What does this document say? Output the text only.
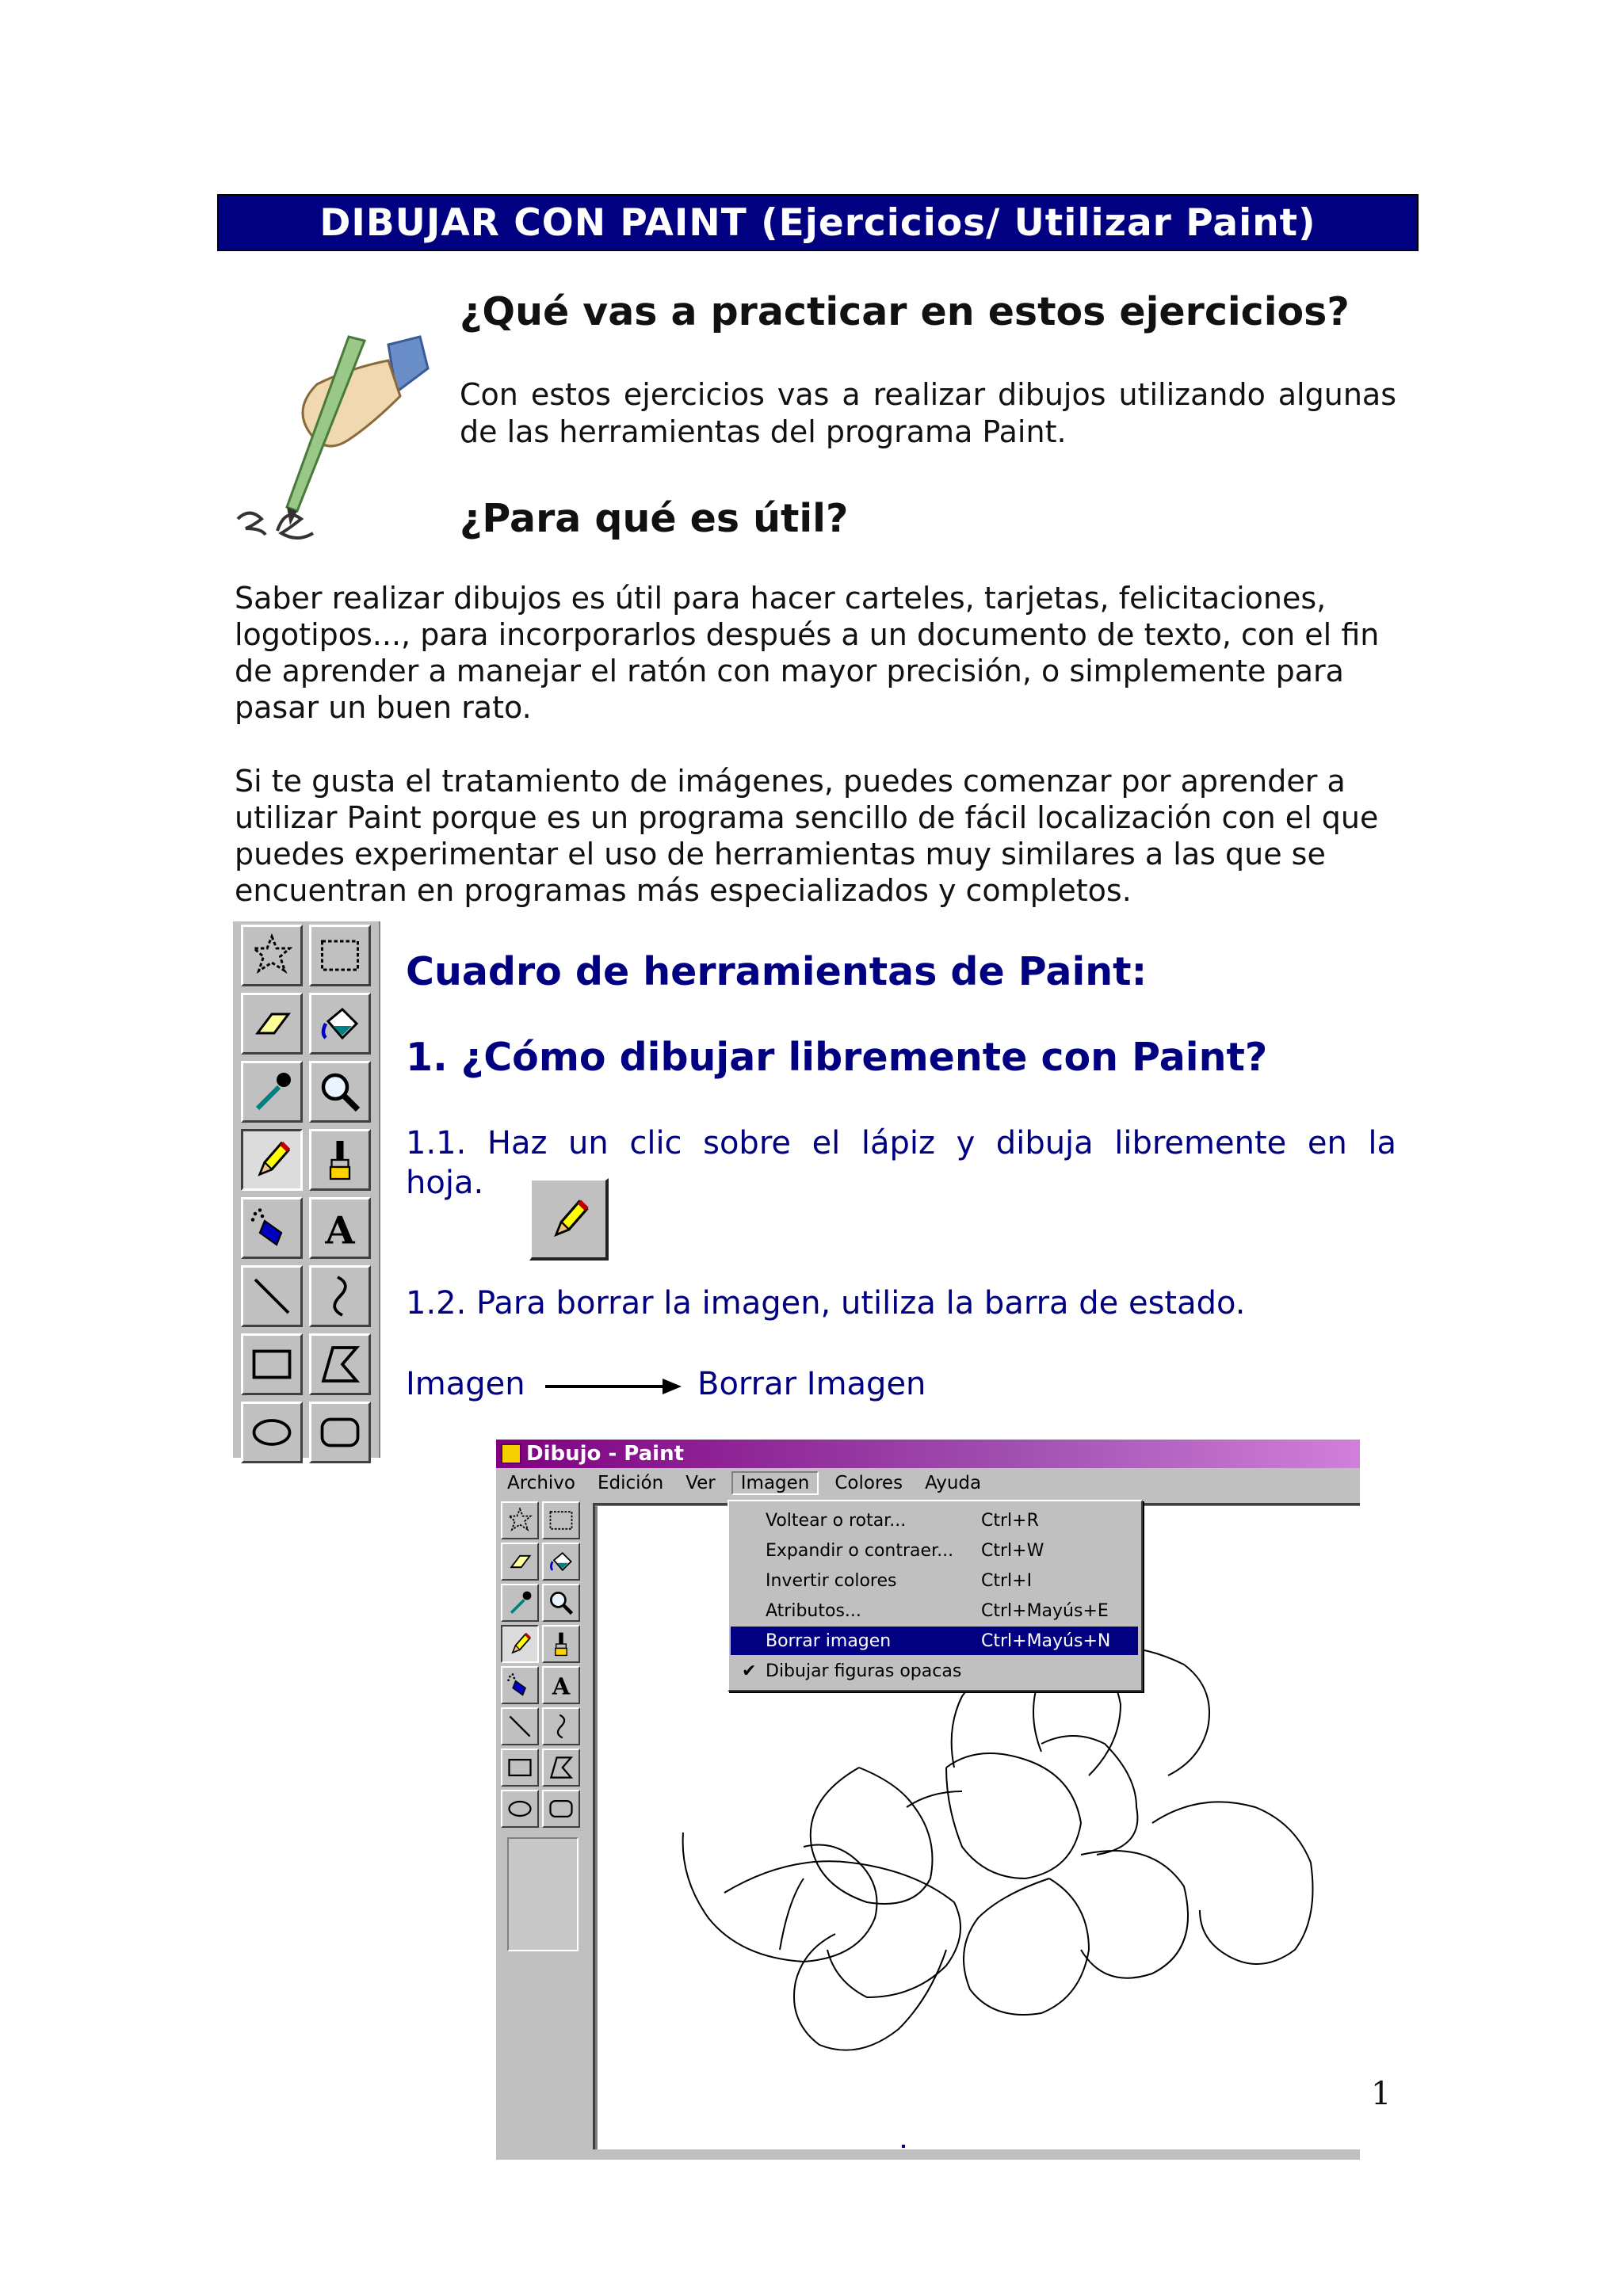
DIBUJAR CON PAINT (Ejercicios/ Utilizar Paint)
¿Qué vas a practicar en estos ejercicios?
Con estos ejercicios vas a realizar dibujos utilizando algunas
de las herramientas del programa Paint.
¿Para qué es útil?
Saber realizar dibujos es útil para hacer carteles, tarjetas, felicitaciones,
logotipos..., para incorporarlos después a un documento de texto, con el fin
de aprender a manejar el ratón con mayor precisión, o simplemente para
pasar un buen rato.
Si te gusta el tratamiento de imágenes, puedes comenzar por aprender a
utilizar Paint porque es un programa sencillo de fácil localización con el que
puedes experimentar el uso de herramientas muy similares a las que se
encuentran en programas más especializados y completos.
Cuadro de herramientas de Paint:
1. ¿Cómo dibujar libremente con Paint?
1.1. Haz un clic sobre el lápiz y dibuja libremente en la
hoja.
1.2. Para borrar la imagen, utiliza la barra de estado.
Imagen	Borrar Imagen
Dibujo - Paint
Archivo Edición Ver	Imagen	Colores Ayuda
Voltear o rotar...	Ctrl+R
Expandir o contraer... Ctrl+W
Invertir colores	Ctrl+I
Atributos...	Ctrl+Mayús+E
Borrar imagen	Ctrl+Mayús+N
✔ Dibujar figuras opacas
1
